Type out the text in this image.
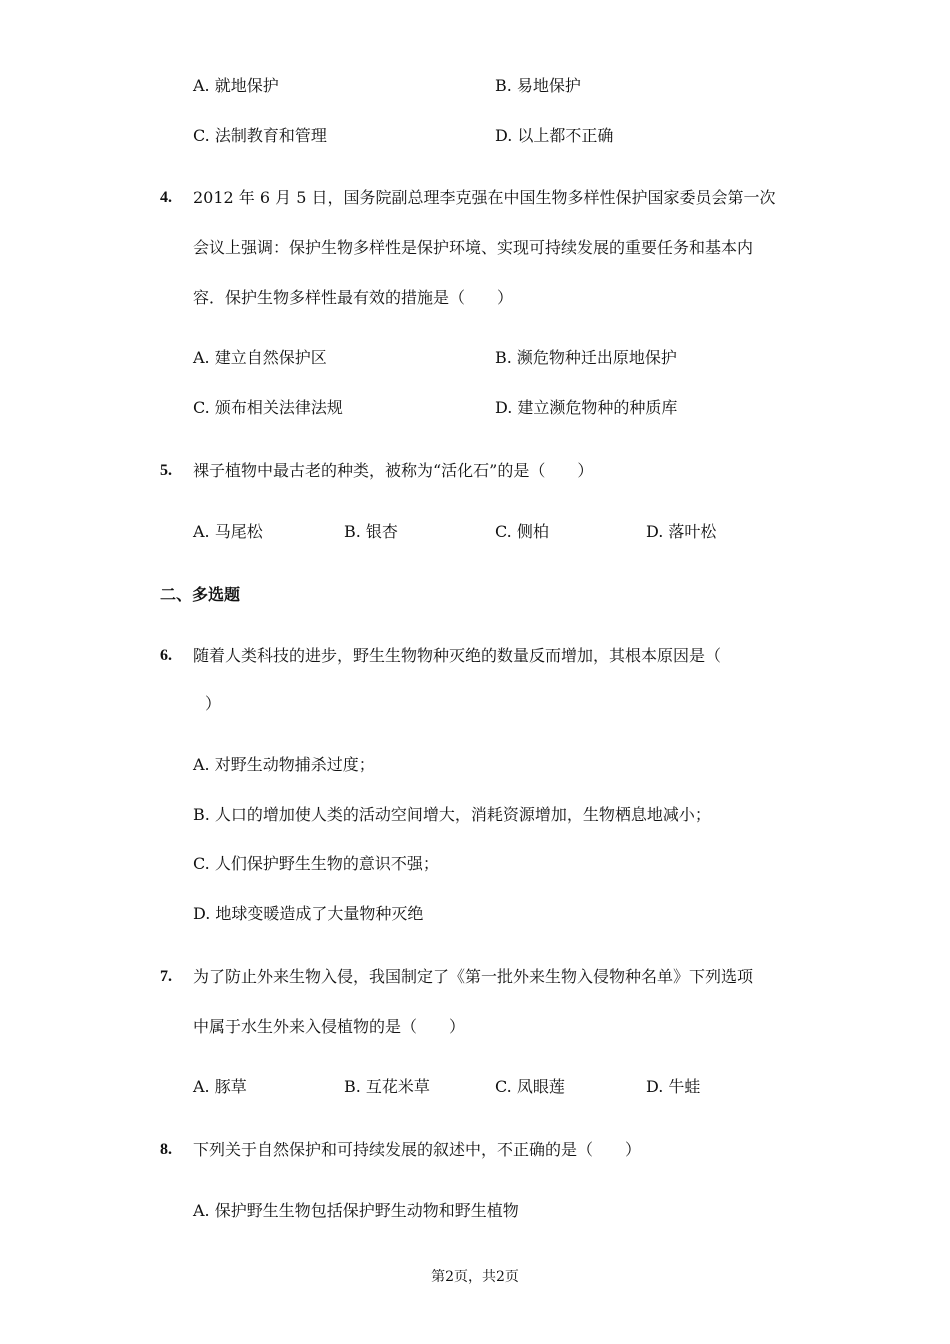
A. 就地保护	B. 易地保护
C. 法制教育和管理	D. 以上都不正确
4. 2012 年 6 月 5 日，国务院副总理李克强在中国生物多样性保护国家委员会第一次
会议上强调：保护生物多样性是保护环境、实现可持续发展的重要任务和基本内
容．保护生物多样性最有效的措施是（　　）
A. 建立自然保护区	B. 濒危物种迁出原地保护
C. 颁布相关法律法规	D. 建立濒危物种的种质库
5. 裸子植物中最古老的种类，被称为“活化石”的是（　　）
A. 马尾松	B. 银杏	C. 侧柏	D. 落叶松
二、多选题
6. 随着人类科技的进步，野生生物物种灭绝的数量反而增加，其根本原因是（
）
A. 对野生动物捕杀过度；
B. 人口的增加使人类的活动空间增大，消耗资源增加，生物栖息地减小；
C. 人们保护野生生物的意识不强；
D. 地球变暖造成了大量物种灭绝
7. 为了防止外来生物入侵，我国制定了《第一批外来生物入侵物种名单》下列选项
中属于水生外来入侵植物的是（　　）
A. 豚草	B. 互花米草	C. 凤眼莲	D. 牛蛙
8. 下列关于自然保护和可持续发展的叙述中，不正确的是（　　）
A. 保护野生生物包括保护野生动物和野生植物
第2页，共2页
